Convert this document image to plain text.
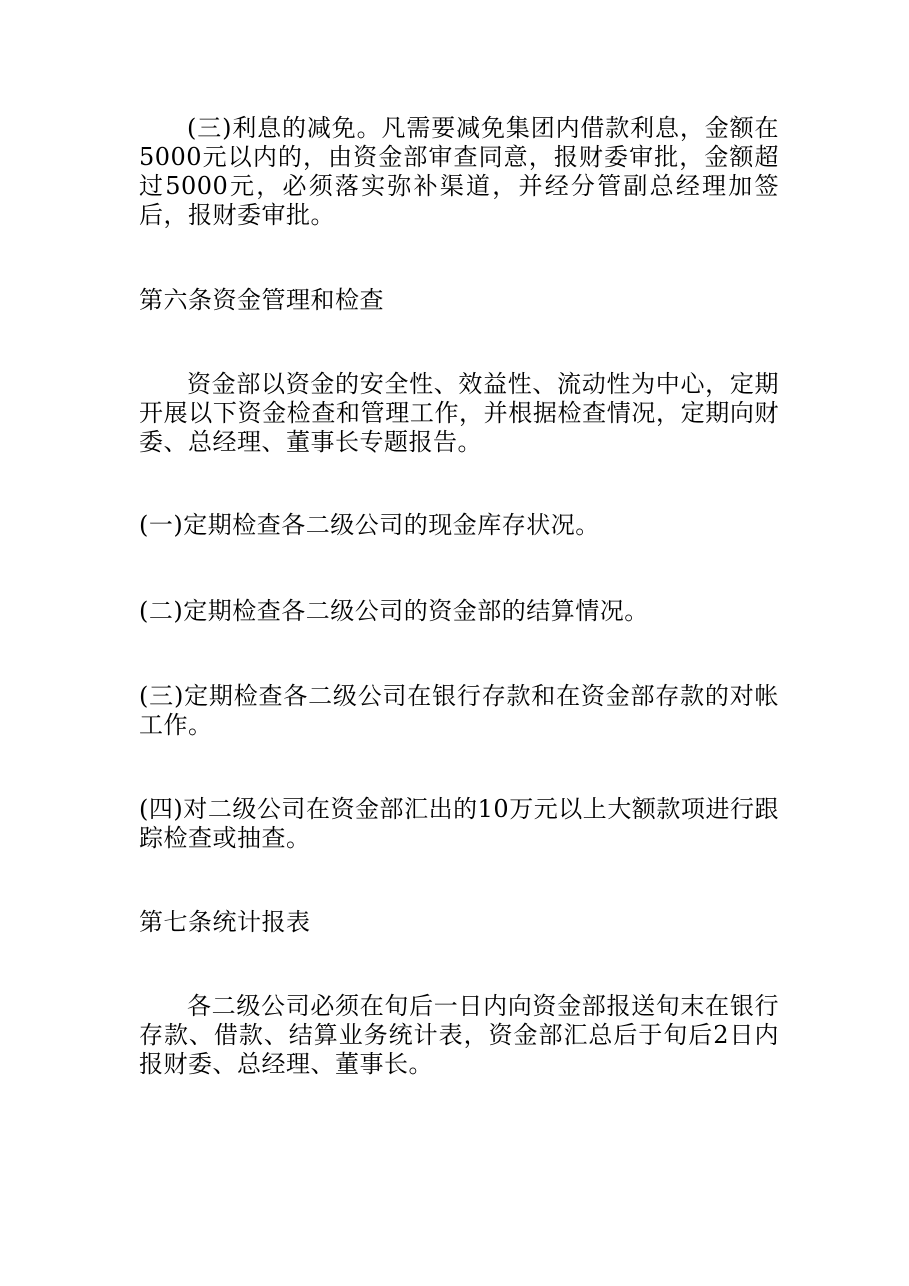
(三)利息的减免。凡需要减免集团内借款利息，金额在5000元以内的，由资金部审查同意，报财委审批，金额超过5000元，必须落实弥补渠道，并经分管副总经理加签后，报财委审批。

第六条资金管理和检查

资金部以资金的安全性、效益性、流动性为中心，定期开展以下资金检查和管理工作，并根据检查情况，定期向财委、总经理、董事长专题报告。

(一)定期检查各二级公司的现金库存状况。

(二)定期检查各二级公司的资金部的结算情况。

(三)定期检查各二级公司在银行存款和在资金部存款的对帐工作。

(四)对二级公司在资金部汇出的10万元以上大额款项进行跟踪检查或抽查。

第七条统计报表

各二级公司必须在旬后一日内向资金部报送旬末在银行存款、借款、结算业务统计表，资金部汇总后于旬后2日内报财委、总经理、董事长。
